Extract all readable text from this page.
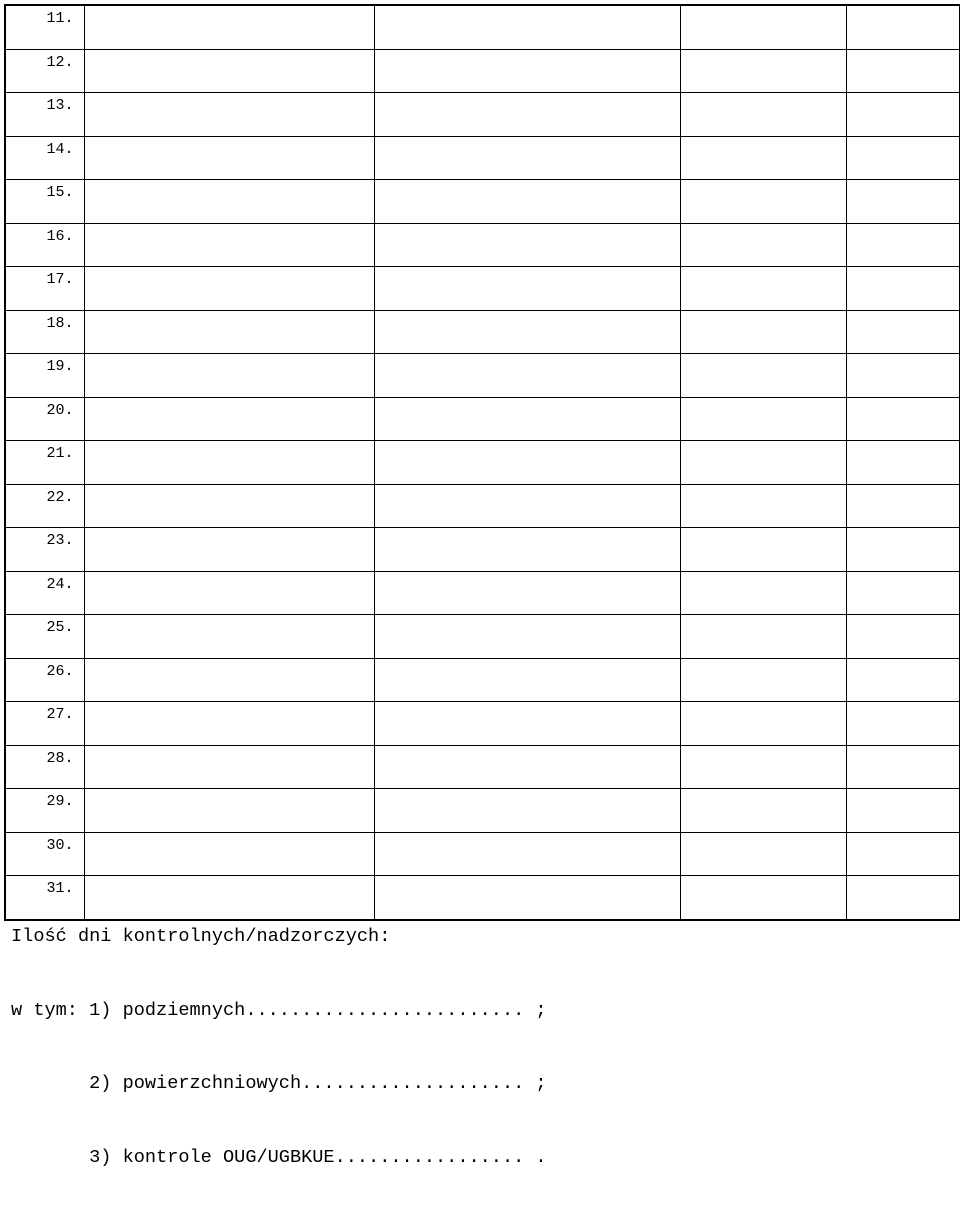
11.				
12.				
13.				
14.				
15.				
16.				
17.				
18.				
19.				
20.				
21.				
22.				
23.				
24.				
25.				
26.				
27.				
28.				
29.				
30.				
31.				

Ilość dni kontrolnych/nadzorczych:

w tym: 1) podziemnych......................... ;

2) powierzchniowych.................... ;

3) kontrole OUG/UGBKUE................. .
